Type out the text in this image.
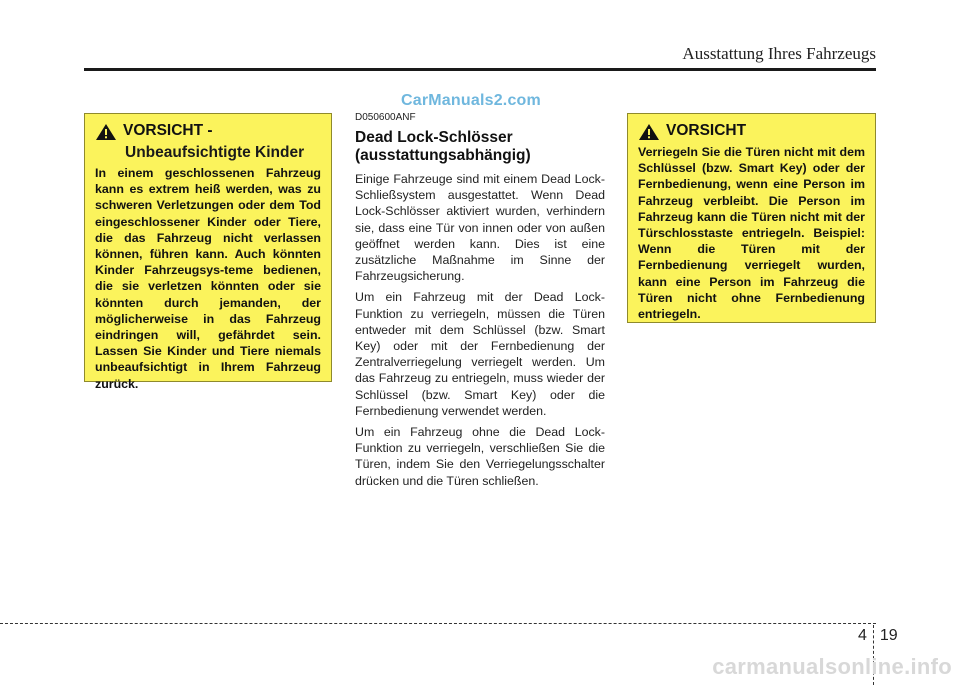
Ausstattung Ihres Fahrzeugs
CarManuals2.com
VORSICHT -
Unbeaufsichtigte Kinder
In einem geschlossenen Fahrzeug kann es extrem heiß werden, was zu schweren Verletzungen oder dem Tod eingeschlossener Kinder oder Tiere, die das Fahrzeug nicht verlassen können, führen kann. Auch könnten Kinder Fahrzeugsys-teme bedienen, die sie verletzen könnten oder sie könnten durch jemanden, der möglicherweise in das Fahrzeug eindringen will, gefährdet sein. Lassen Sie Kinder und Tiere niemals unbeaufsichtigt in Ihrem Fahrzeug zurück.
D050600ANF
Dead Lock-Schlösser
(ausstattungsabhängig)

Einige Fahrzeuge sind mit einem Dead Lock-Schließsystem ausgestattet. Wenn Dead Lock-Schlösser aktiviert wurden, verhindern sie, dass eine Tür von innen oder von außen geöffnet werden kann. Dies ist eine zusätzliche Maßnahme im Sinne der Fahrzeugsicherung.

Um ein Fahrzeug mit der Dead Lock-Funktion zu verriegeln, müssen die Türen entweder mit dem Schlüssel (bzw. Smart Key) oder mit der Fernbedienung der Zentralverriegelung verriegelt werden. Um das Fahrzeug zu entriegeln, muss wieder der Schlüssel (bzw. Smart Key) oder die Fernbedienung verwendet werden.

Um ein Fahrzeug ohne die Dead Lock-Funktion zu verriegeln, verschließen Sie die Türen, indem Sie den Verriegelungsschalter drücken und die Türen schließen.

VORSICHT
Verriegeln Sie die Türen nicht mit dem Schlüssel (bzw. Smart Key) oder der Fernbedienung, wenn eine Person im Fahrzeug verbleibt. Die Person im Fahrzeug kann die Türen nicht mit der Türschlosstaste entriegeln. Beispiel: Wenn die Türen mit der Fernbedienung verriegelt wurden, kann eine Person im Fahrzeug die Türen nicht ohne Fernbedienung entriegeln.
4 19
carmanualsonline.info
